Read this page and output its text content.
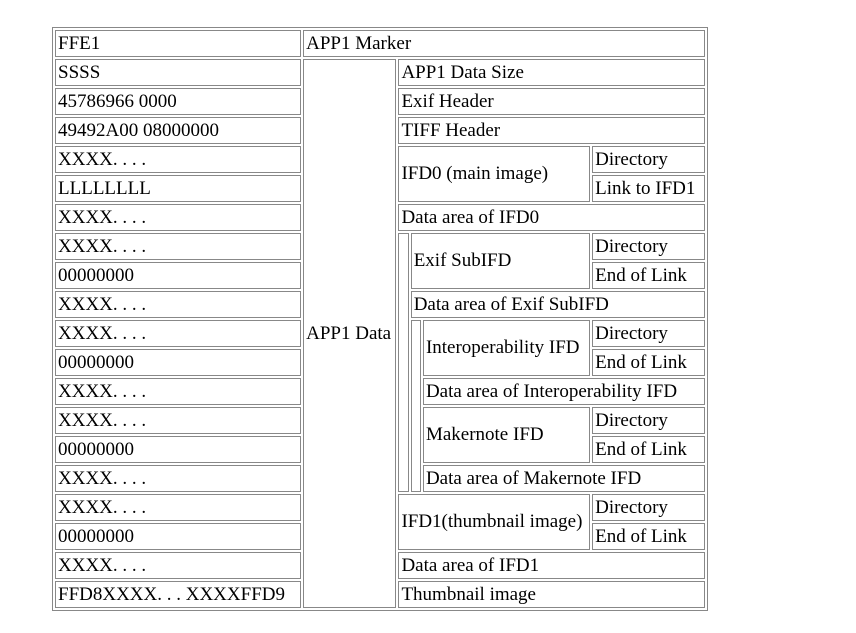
FFE1	APP1 Marker				
SSSS	APP1 Data	APP1 Data Size			
45786966 0000		Exif Header			
49492A00 08000000		TIFF Header			
XXXX. . . .		IFD0 (main image)			Directory
LLLLLLLL					Link to IFD1
XXXX. . . .		Data area of IFD0			
XXXX. . . .			Exif SubIFD		Directory
00000000					End of Link
XXXX. . . .			Data area of Exif SubIFD		
XXXX. . . .				Interoperability IFD	Directory
00000000					End of Link
XXXX. . . .				Data area of Interoperability IFD	
XXXX. . . .				Makernote IFD	Directory
00000000					End of Link
XXXX. . . .				Data area of Makernote IFD	
XXXX. . . .		IFD1(thumbnail image)			Directory
00000000					End of Link
XXXX. . . .		Data area of IFD1			
FFD8XXXX. . . XXXXFFD9		Thumbnail image			
